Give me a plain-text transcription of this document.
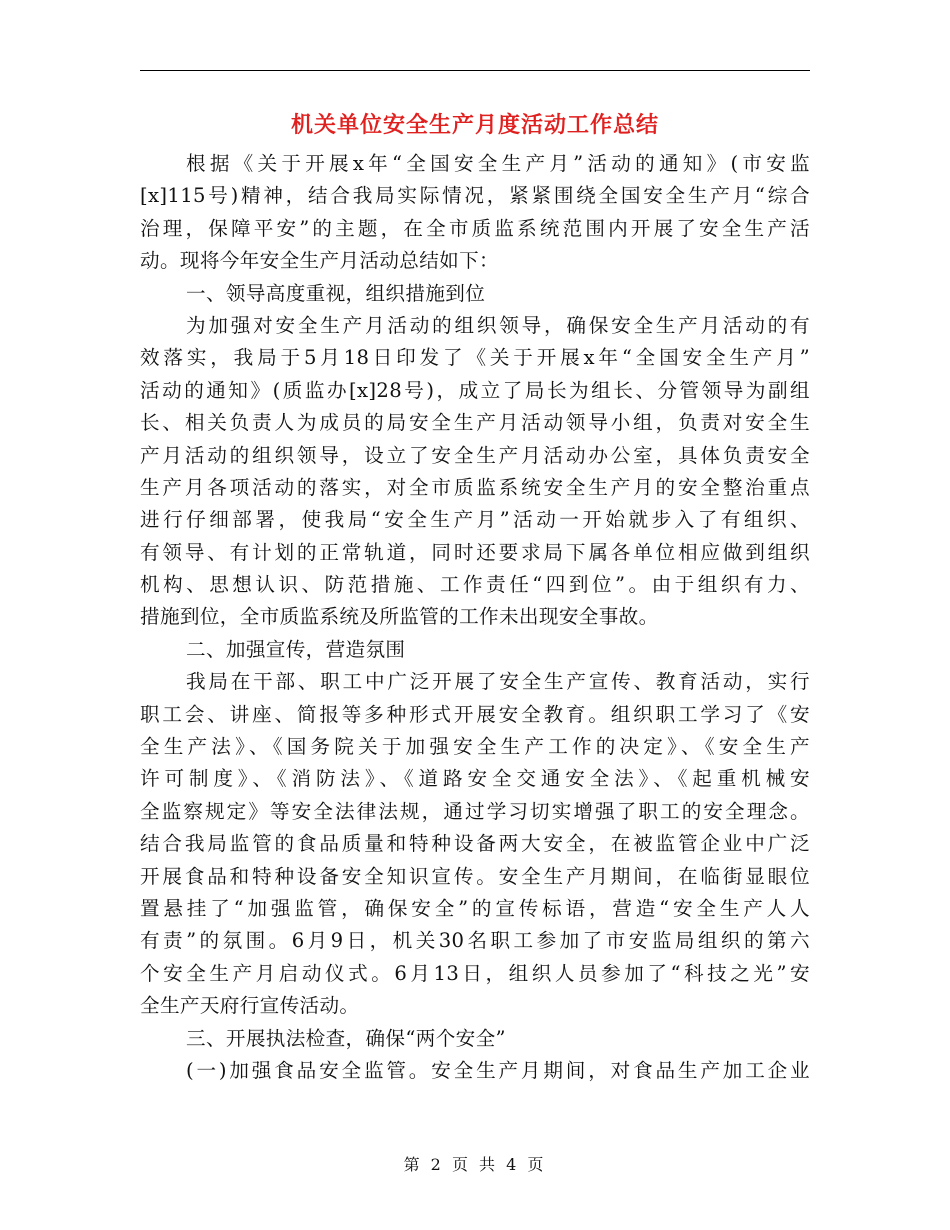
机关单位安全生产月度活动工作总结
根据《关于开展x年“全国安全生产月”活动的通知》(市安监
[x]115号)精神，结合我局实际情况，紧紧围绕全国安全生产月“综合
治理，保障平安”的主题，在全市质监系统范围内开展了安全生产活
动。现将今年安全生产月活动总结如下：
一、领导高度重视，组织措施到位
为加强对安全生产月活动的组织领导，确保安全生产月活动的有
效落实，我局于5月18日印发了《关于开展x年“全国安全生产月”
活动的通知》(质监办[x]28号)，成立了局长为组长、分管领导为副组
长、相关负责人为成员的局安全生产月活动领导小组，负责对安全生
产月活动的组织领导，设立了安全生产月活动办公室，具体负责安全
生产月各项活动的落实，对全市质监系统安全生产月的安全整治重点
进行仔细部署，使我局“安全生产月”活动一开始就步入了有组织、
有领导、有计划的正常轨道，同时还要求局下属各单位相应做到组织
机构、思想认识、防范措施、工作责任“四到位”。由于组织有力、
措施到位，全市质监系统及所监管的工作未出现安全事故。
二、加强宣传，营造氛围
我局在干部、职工中广泛开展了安全生产宣传、教育活动，实行
职工会、讲座、简报等多种形式开展安全教育。组织职工学习了《安
全生产法》、《国务院关于加强安全生产工作的决定》、《安全生产
许可制度》、《消防法》、《道路安全交通安全法》、《起重机械安
全监察规定》等安全法律法规，通过学习切实增强了职工的安全理念。
结合我局监管的食品质量和特种设备两大安全，在被监管企业中广泛
开展食品和特种设备安全知识宣传。安全生产月期间，在临街显眼位
置悬挂了“加强监管，确保安全”的宣传标语，营造“安全生产人人
有责”的氛围。6月9日，机关30名职工参加了市安监局组织的第六
个安全生产月启动仪式。6月13日，组织人员参加了“科技之光”安
全生产天府行宣传活动。
三、开展执法检查，确保“两个安全”
(一)加强食品安全监管。安全生产月期间，对食品生产加工企业
第 2 页 共 4 页
